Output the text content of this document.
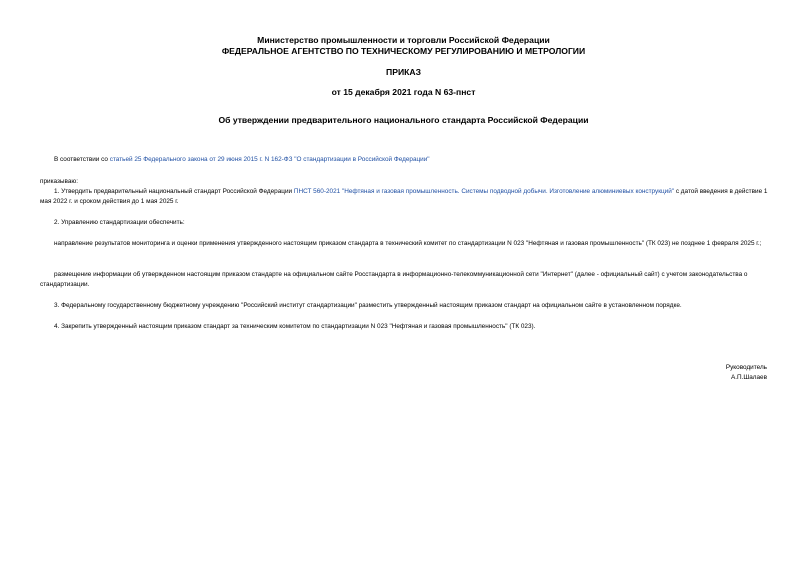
Министерство промышленности и торговли Российской Федерации
ФЕДЕРАЛЬНОЕ АГЕНТСТВО ПО ТЕХНИЧЕСКОМУ РЕГУЛИРОВАНИЮ И МЕТРОЛОГИИ
ПРИКАЗ
от 15 декабря 2021 года N 63-пнст
Об утверждении предварительного национального стандарта Российской Федерации
В соответствии со статьей 25 Федерального закона от 29 июня 2015 г. N 162-ФЗ "О стандартизации в Российской Федерации"
приказываю:
1. Утвердить предварительный национальный стандарт Российской Федерации ПНСТ 560-2021 "Нефтяная и газовая промышленность. Системы подводной добычи. Изготовление алюминиевых конструкций" с датой введения в действие 1 мая 2022 г. и сроком действия до 1 мая 2025 г.
2. Управлению стандартизации обеспечить:
направление результатов мониторинга и оценки применения утвержденного настоящим приказом стандарта в технический комитет по стандартизации N 023 "Нефтяная и газовая промышленность" (ТК 023) не позднее 1 февраля 2025 г.;
размещение информации об утвержденном настоящим приказом стандарте на официальном сайте Росстандарта в информационно-телекоммуникационной сети "Интернет" (далее - официальный сайт) с учетом законодательства о стандартизации.
3. Федеральному государственному бюджетному учреждению "Российский институт стандартизации" разместить утвержденный настоящим приказом стандарт на официальном сайте в установленном порядке.
4. Закрепить утвержденный настоящим приказом стандарт за техническим комитетом по стандартизации N 023 "Нефтяная и газовая промышленность" (ТК 023).
Руководитель
А.П.Шалаев
